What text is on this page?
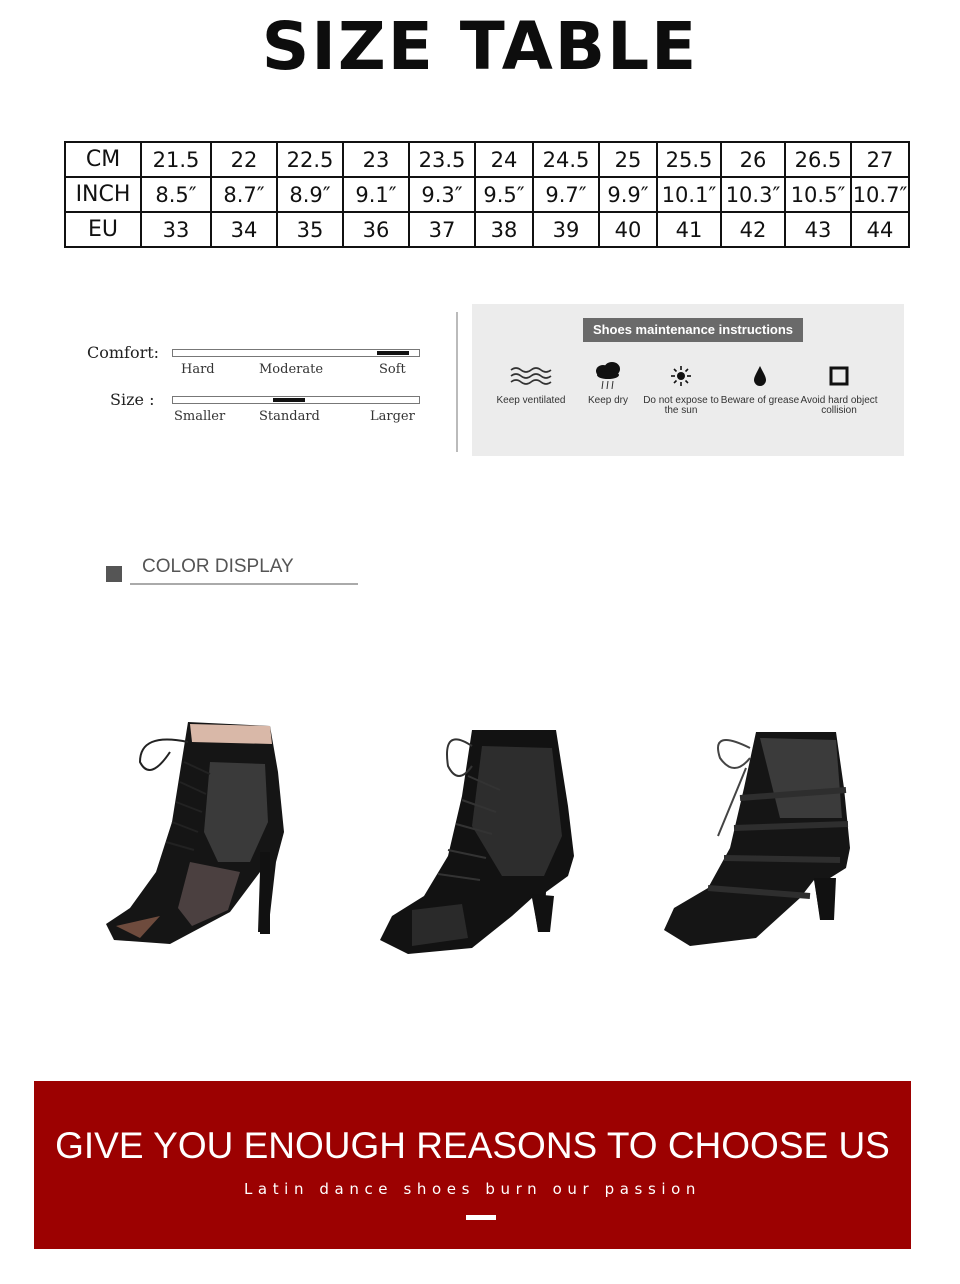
SIZE TABLE
CM	21.5	22	22.5	23	23.5	24	24.5	25	25.5	26	26.5	27
INCH	8.5″	8.7″	8.9″	9.1″	9.3″	9.5″	9.7″	9.9″	10.1″	10.3″	10.5″	10.7″
EU	33	34	35	36	37	38	39	40	41	42	43	44
Comfort:
Hard	Moderate	Soft
Size :
Smaller	Standard	Larger
Shoes maintenance instructions
Keep ventilated	Keep dry	Do not expose to the sun
Beware of grease Avoid hard object collision
COLOR DISPLAY
GIVE YOU ENOUGH REASONS TO CHOOSE US
Latin dance shoes burn our passion
